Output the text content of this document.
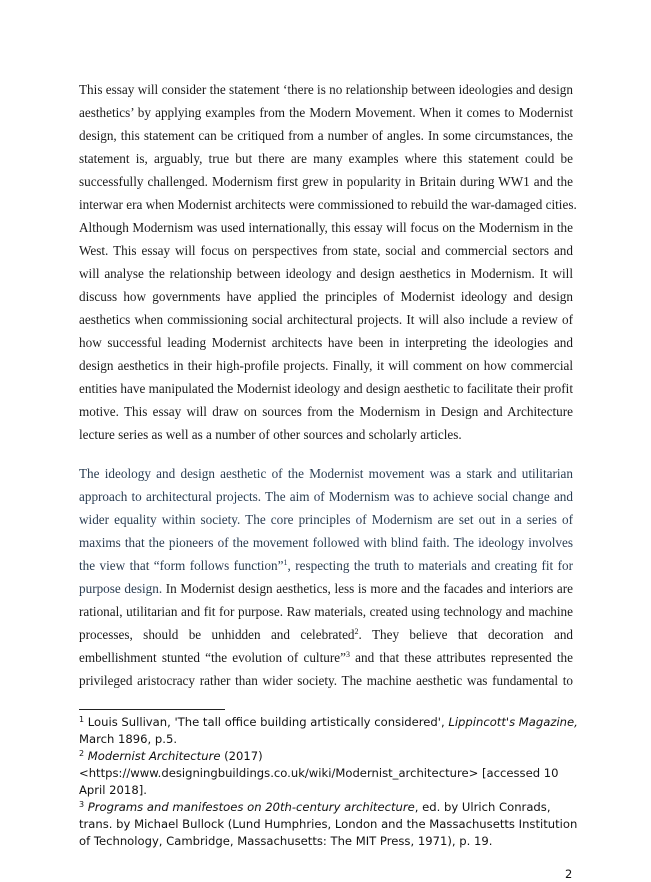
This essay will consider the statement ‘there is no relationship between ideologies and design
aesthetics’ by applying examples from the Modern Movement. When it comes to Modernist
design, this statement can be critiqued from a number of angles. In some circumstances, the
statement is, arguably, true but there are many examples where this statement could be
successfully challenged. Modernism first grew in popularity in Britain during WW1 and the
interwar era when Modernist architects were commissioned to rebuild the war-damaged cities.
Although Modernism was used internationally, this essay will focus on the Modernism in the
West. This essay will focus on perspectives from state, social and commercial sectors and
will analyse the relationship between ideology and design aesthetics in Modernism. It will
discuss how governments have applied the principles of Modernist ideology and design
aesthetics when commissioning social architectural projects. It will also include a review of
how successful leading Modernist architects have been in interpreting the ideologies and
design aesthetics in their high-profile projects. Finally, it will comment on how commercial
entities have manipulated the Modernist ideology and design aesthetic to facilitate their profit
motive. This essay will draw on sources from the Modernism in Design and Architecture
lecture series as well as a number of other sources and scholarly articles.
The ideology and design aesthetic of the Modernist movement was a stark and utilitarian
approach to architectural projects. The aim of Modernism was to achieve social change and
wider equality within society. The core principles of Modernism are set out in a series of
maxims that the pioneers of the movement followed with blind faith. The ideology involves
the view that “form follows function”$^1$, respecting the truth to materials and creating fit for
purpose design. In Modernist design aesthetics, less is more and the facades and interiors are
rational, utilitarian and fit for purpose. Raw materials, created using technology and machine
processes, should be unhidden and celebrated$^2$. They believe that decoration and
embellishment stunted “the evolution of culture”$^3$ and that these attributes represented the
privileged aristocracy rather than wider society. The machine aesthetic was fundamental to
$^1$ Louis Sullivan, 'The tall office building artistically considered', Lippincott's Magazine, March 1896, p.5.
$^2$ Modernist Architecture (2017)
<https://www.designingbuildings.co.uk/wiki/Modernist_architecture> [accessed 10 April 2018].
$^3$ Programs and manifestoes on 20th-century architecture, ed. by Ulrich Conrads, trans. by Michael Bullock (Lund Humphries, London and the Massachusetts Institution of Technology, Cambridge, Massachusetts: The MIT Press, 1971), p. 19.
2
